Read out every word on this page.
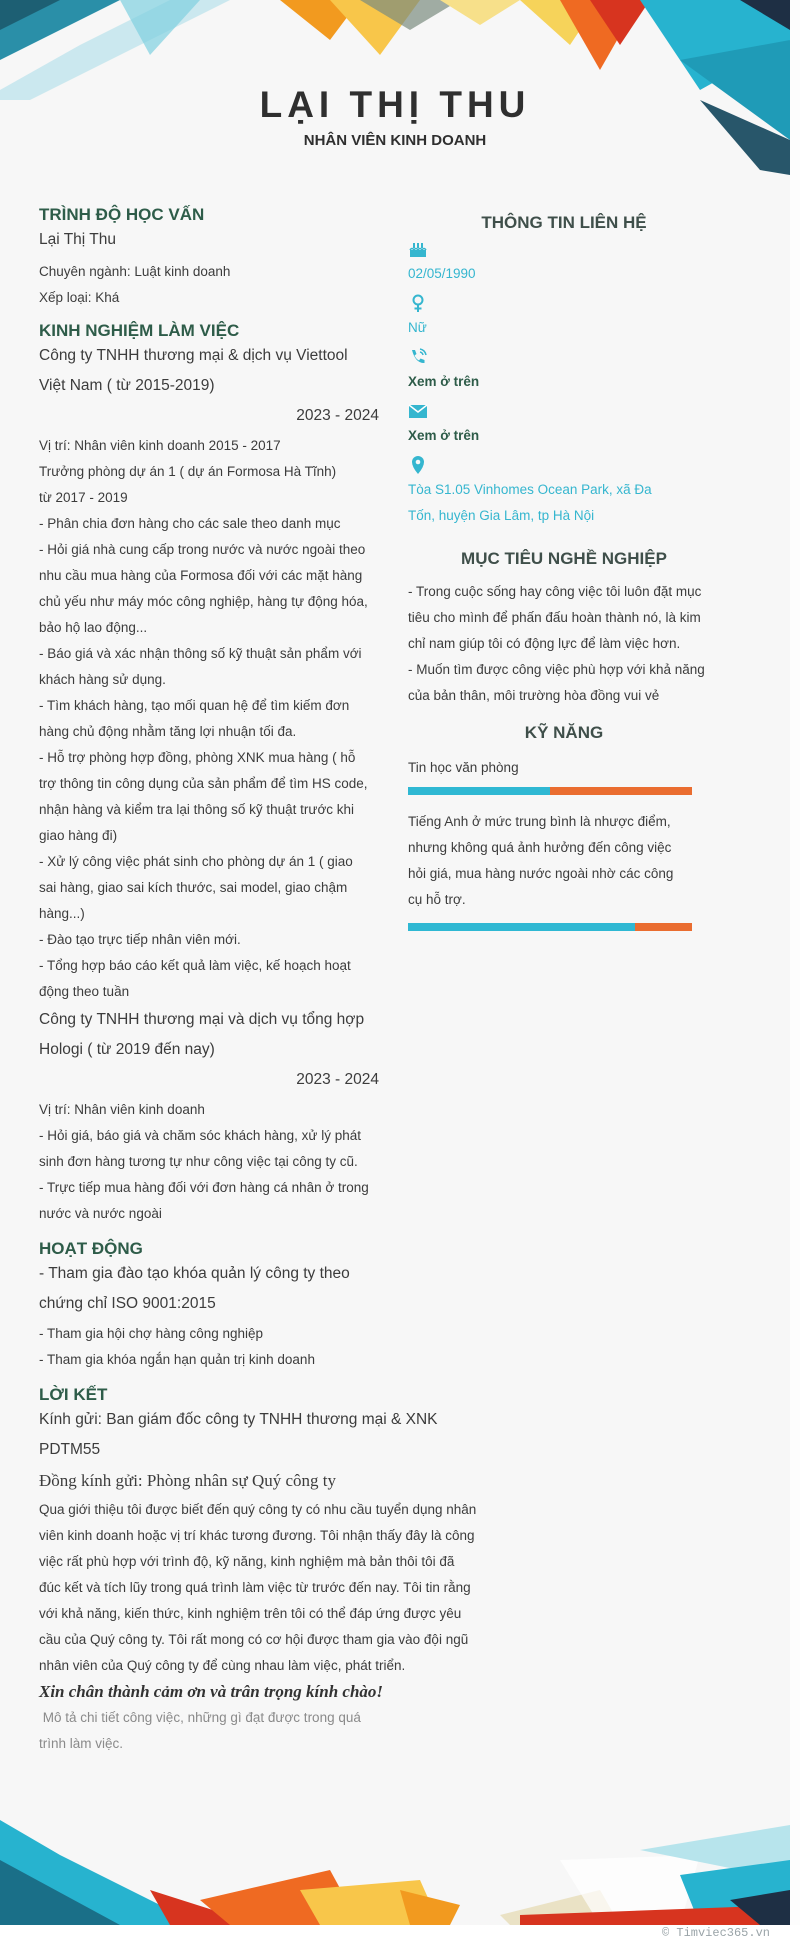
LẠI THỊ THU
NHÂN VIÊN KINH DOANH
TRÌNH ĐỘ HỌC VẤN
Lại Thị Thu
Chuyên ngành: Luật kinh doanh
Xếp loại: Khá
KINH NGHIỆM LÀM VIỆC
Công ty TNHH thương mại & dịch vụ Viettool
Việt Nam ( từ 2015-2019)
2023 - 2024
Vị trí: Nhân viên kinh doanh 2015 - 2017
Trưởng phòng dự án 1 ( dự án Formosa Hà Tĩnh)
từ 2017 - 2019
- Phân chia đơn hàng cho các sale theo danh mục
- Hỏi giá nhà cung cấp trong nước và nước ngoài theo
nhu cầu mua hàng của Formosa đối với các mặt hàng
chủ yếu như máy móc công nghiệp, hàng tự động hóa,
bảo hộ lao động...
- Báo giá và xác nhận thông số kỹ thuật sản phẩm với
khách hàng sử dụng.
- Tìm khách hàng, tạo mối quan hệ để tìm kiếm đơn
hàng chủ động nhằm tăng lợi nhuận tối đa.
- Hỗ trợ phòng hợp đồng, phòng XNK mua hàng ( hỗ
trợ thông tin công dụng của sản phẩm để tìm HS code,
nhận hàng và kiểm tra lại thông số kỹ thuật trước khi
giao hàng đi)
- Xử lý công việc phát sinh cho phòng dự án 1 ( giao
sai hàng, giao sai kích thước, sai model, giao chậm
hàng...)
- Đào tạo trực tiếp nhân viên mới.
- Tổng hợp báo cáo kết quả làm việc, kế hoạch hoạt
động theo tuần
Công ty TNHH thương mại và dịch vụ tổng hợp
Hologi ( từ 2019 đến nay)
2023 - 2024
Vị trí: Nhân viên kinh doanh
- Hỏi giá, báo giá và chăm sóc khách hàng, xử lý phát
sinh đơn hàng tương tự như công việc tại công ty cũ.
- Trực tiếp mua hàng đối với đơn hàng cá nhân ở trong
nước và nước ngoài
HOẠT ĐỘNG
- Tham gia đào tạo khóa quản lý công ty theo
chứng chỉ ISO 9001:2015
- Tham gia hội chợ hàng công nghiệp
- Tham gia khóa ngắn hạn quản trị kinh doanh
LỜI KẾT
Kính gửi: Ban giám đốc công ty TNHH thương mại & XNK
PDTM55
Đồng kính gửi: Phòng nhân sự Quý công ty
Qua giới thiệu tôi được biết đến quý công ty có nhu cầu tuyển dụng nhân
viên kinh doanh hoặc vị trí khác tương đương. Tôi nhận thấy đây là công
việc rất phù hợp với trình độ, kỹ năng, kinh nghiệm mà bản thôi tôi đã
đúc kết và tích lũy trong quá trình làm việc từ trước đến nay. Tôi tin rằng
với khả năng, kiến thức, kinh nghiệm trên tôi có thể đáp ứng được yêu
cầu của Quý công ty. Tôi rất mong có cơ hội được tham gia vào đội ngũ
nhân viên của Quý công ty để cùng nhau làm việc, phát triển.
Xin chân thành cảm ơn và trân trọng kính chào!
Mô tả chi tiết công việc, những gì đạt được trong quá
trình làm việc.
THÔNG TIN LIÊN HỆ
02/05/1990
Nữ
Xem ở trên
Xem ở trên
Tòa S1.05 Vinhomes Ocean Park, xã Đa
Tốn, huyện Gia Lâm, tp Hà Nội
MỤC TIÊU NGHỀ NGHIỆP
- Trong cuộc sống hay công việc tôi luôn đặt mục
tiêu cho mình để phấn đấu hoàn thành nó, là kim
chỉ nam giúp tôi có động lực để làm việc hơn.
- Muốn tìm được công việc phù hợp với khả năng
của bản thân, môi trường hòa đồng vui vẻ
KỸ NĂNG
Tin học văn phòng
Tiếng Anh ở mức trung bình là nhược điểm,
nhưng không quá ảnh hưởng đến công việc
hỏi giá, mua hàng nước ngoài nhờ các công
cụ hỗ trợ.
© Timviec365.vn
